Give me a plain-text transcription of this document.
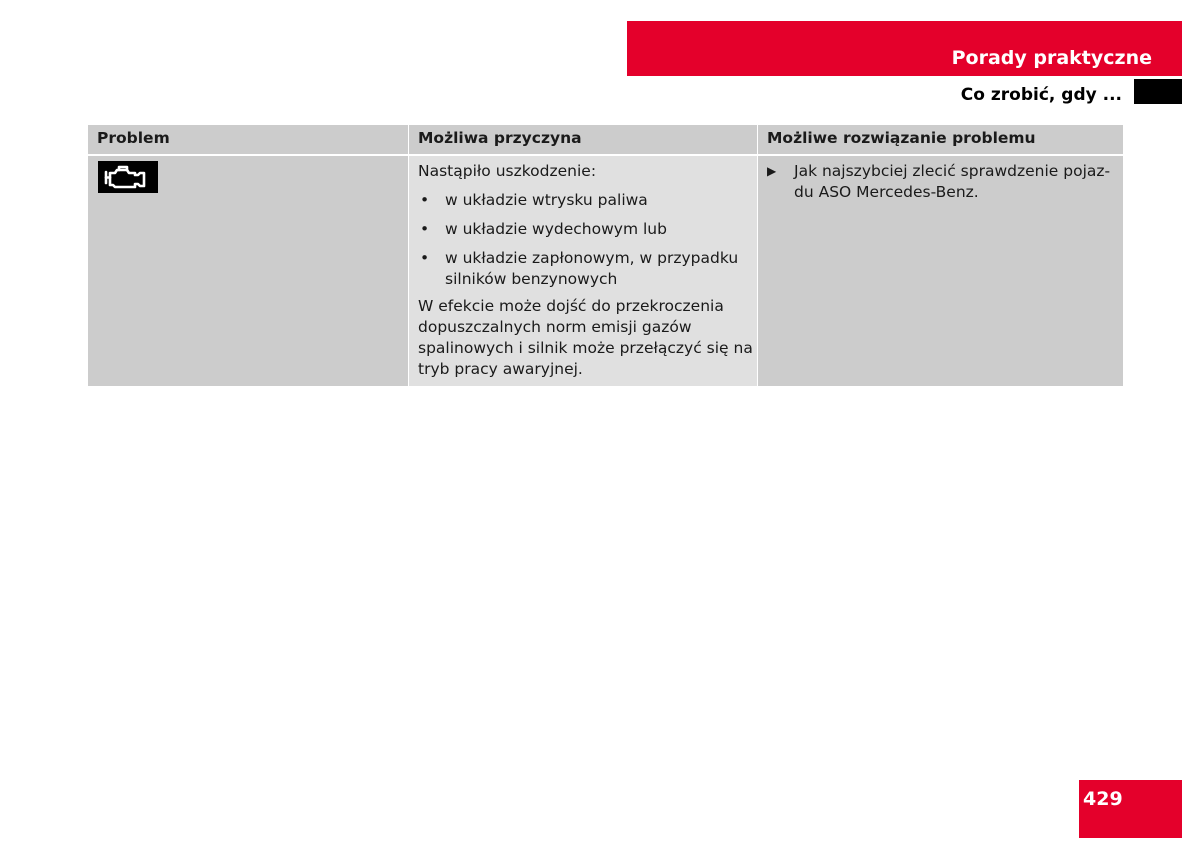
Porady praktyczne
Co zrobić, gdy ...
Problem	Możliwa przyczyna
Nastąpiło uszkodzenie:
• w układzie wtrysku paliwa
• w układzie wydechowym lub
• w układzie zapłonowym, w przypadku
silników benzynowych
W efekcie może dojść do przekroczenia
dopuszczalnych norm emisji gazów
spalinowych i silnik może przełączyć się na
tryb pracy awaryjnej.
Możliwe rozwiązanie problemu
▶ Jak najszybciej zlecić sprawdzenie pojaz-
du ASO Mercedes-Benz.
429
